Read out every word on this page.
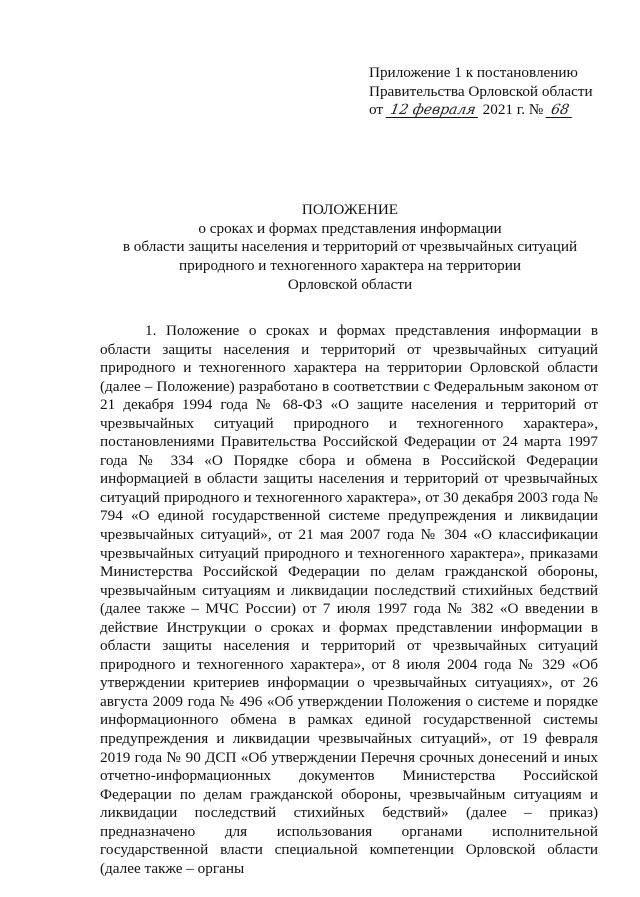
Приложение 1 к постановлению
Правительства Орловской области
от 12 февраля 2021 г. № 68
ПОЛОЖЕНИЕ
о сроках и формах представления информации
в области защиты населения и территорий от чрезвычайных ситуаций
природного и техногенного характера на территории
Орловской области

1. Положение о сроках и формах представления информации в области защиты населения и территорий от чрезвычайных ситуаций природного и техногенного характера на территории Орловской области (далее – Положение) разработано в соответствии с Федеральным законом от 21 декабря 1994 года № 68-ФЗ «О защите населения и территорий от чрезвычайных ситуаций природного и техногенного характера», постановлениями Правительства Российской Федерации от 24 марта 1997 года № 334 «О Порядке сбора и обмена в Российской Федерации информацией в области защиты населения и территорий от чрезвычайных ситуаций природного и техногенного характера», от 30 декабря 2003 года № 794 «О единой государственной системе предупреждения и ликвидации чрезвычайных ситуаций», от 21 мая 2007 года № 304 «О классификации чрезвычайных ситуаций природного и техногенного характера», приказами Министерства Российской Федерации по делам гражданской обороны, чрезвычайным ситуациям и ликвидации последствий стихийных бедствий (далее также – МЧС России) от 7 июля 1997 года № 382 «О введении в действие Инструкции о сроках и формах представлении информации в области защиты населения и территорий от чрезвычайных ситуаций природного и техногенного характера», от 8 июля 2004 года № 329 «Об утверждении критериев информации о чрезвычайных ситуациях», от 26 августа 2009 года № 496 «Об утверждении Положения о системе и порядке информационного обмена в рамках единой государственной системы предупреждения и ликвидации чрезвычайных ситуаций», от 19 февраля 2019 года № 90 ДСП «Об утверждении Перечня срочных донесений и иных отчетно-информационных документов Министерства Российской Федерации по делам гражданской обороны, чрезвычайным ситуациям и ликвидации последствий стихийных бедствий» (далее – приказ) предназначено для использования органами исполнительной государственной власти специальной компетенции Орловской области (далее также – органы
